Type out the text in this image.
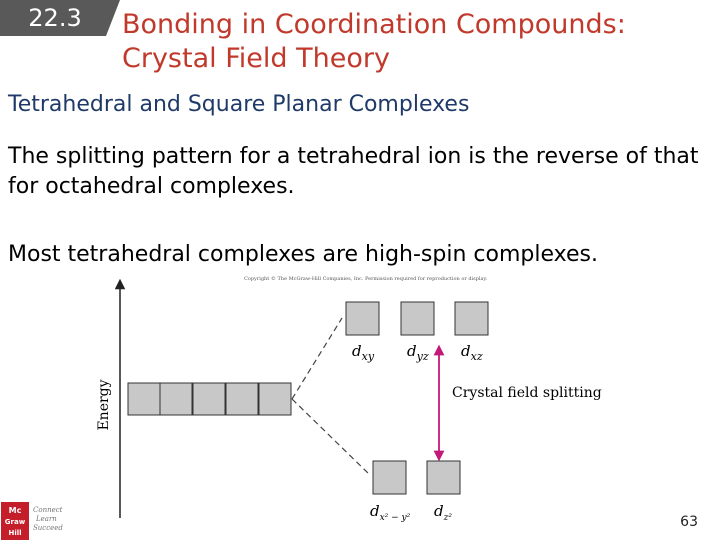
22.3 Bonding in Coordination Compounds: Crystal Field Theory
Tetrahedral and Square Planar Complexes
The splitting pattern for a tetrahedral ion is the reverse of that for octahedral complexes.
Most tetrahedral complexes are high-spin complexes.
Copyright © The McGraw-Hill Companies, Inc. Permission required for reproduction or display.
Energy
$d_{xy}$ $d_{yz}$ $d_{xz}$
Crystal field splitting
$d_{x^2 - y^2}$ $d_{z^2}$
Mc
Graw
Hill
Connect
Learn
Succeed	63
